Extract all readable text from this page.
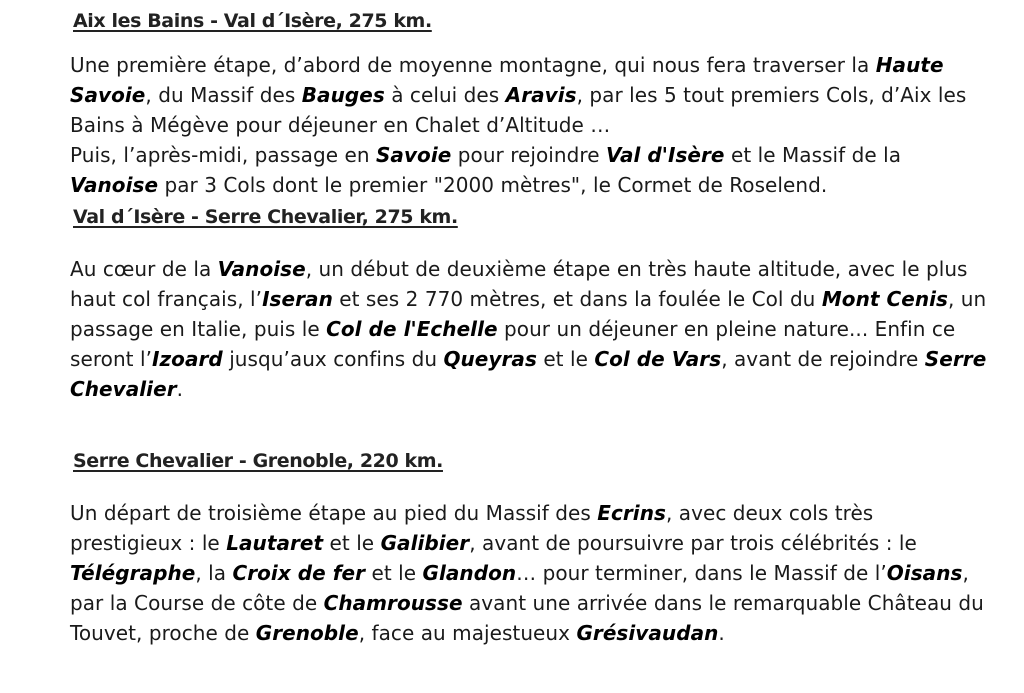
Aix les Bains - Val d´Isère, 275 km.

Une première étape, d’abord de moyenne montagne, qui nous fera traverser la Haute Savoie, du Massif des Bauges à celui des Aravis, par les 5 tout premiers Cols, d’Aix les Bains à Mégève pour déjeuner en Chalet d’Altitude …

Puis, l’après-midi, passage en Savoie pour rejoindre Val d'Isère et le Massif de la Vanoise par 3 Cols dont le premier "2000 mètres", le Cormet de Roselend.

Val d´Isère - Serre Chevalier, 275 km.

Au cœur de la Vanoise, un début de deuxième étape en très haute altitude, avec le plus haut col français, l’Iseran et ses 2 770 mètres, et dans la foulée le Col du Mont Cenis, un passage en Italie, puis le Col de l'Echelle pour un déjeuner en pleine nature... Enfin ce seront l’Izoard jusqu’aux confins du Queyras et le Col de Vars, avant de rejoindre Serre Chevalier.

Serre Chevalier - Grenoble, 220 km.

Un départ de troisième étape au pied du Massif des Ecrins, avec deux cols très prestigieux : le Lautaret et le Galibier, avant de poursuivre par trois célébrités : le Télégraphe, la Croix de fer et le Glandon… pour terminer, dans le Massif de l’Oisans, par la Course de côte de Chamrousse avant une arrivée dans le remarquable Château du Touvet, proche de Grenoble, face au majestueux Grésivaudan.
